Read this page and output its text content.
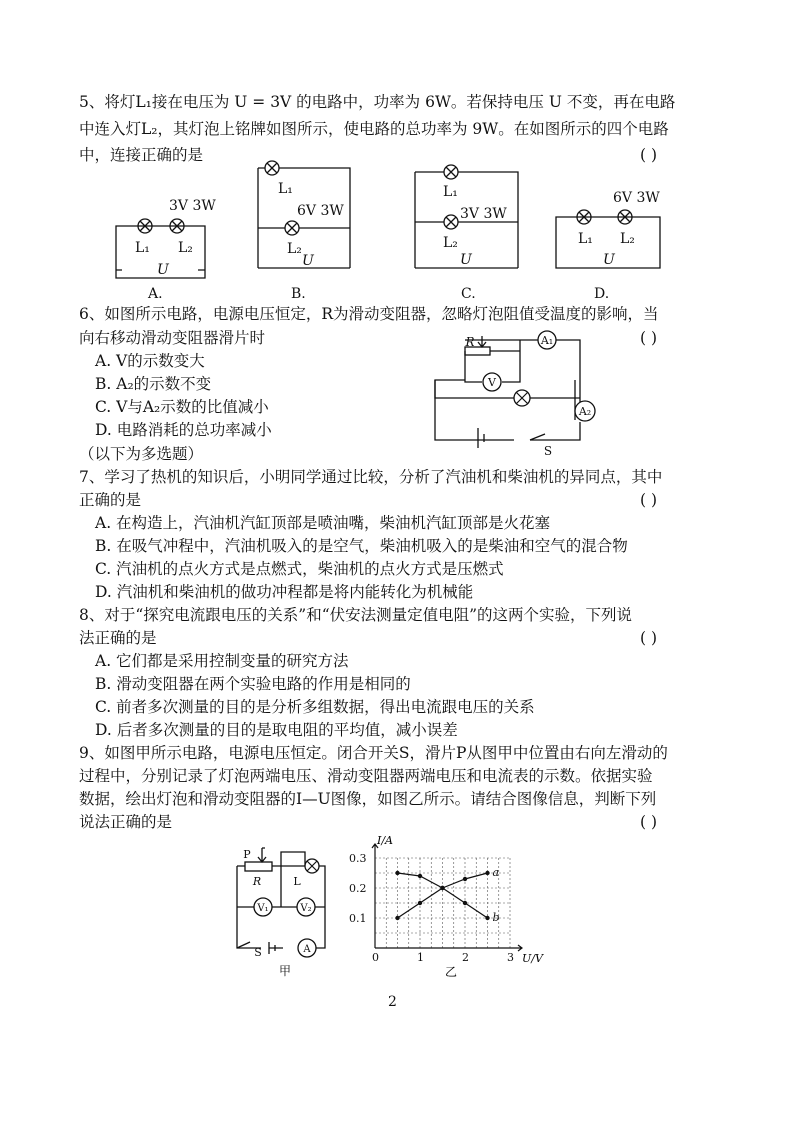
5、将灯L₁接在电压为 U = 3V 的电路中，功率为 6W。若保持电压 U 不变，再在电路
中连入灯L₂，其灯泡上铭牌如图所示，使电路的总功率为 9W。在如图所示的四个电路
中，连接正确的是	( )
3V 3W
L₁ L₂
U
A.
6V 3W
L₁
L₂
U
B.
3V 3W
L₁
L₂
U
C.
6V 3W
L₁ L₂
U
D.
6、如图所示电路，电源电压恒定，R为滑动变阻器，忽略灯泡阻值受温度的影响，当
向右移动滑动变阻器滑片时	( )
A. V的示数变大
B. A₂的示数不变
C. V与A₂示数的比值减小
D. 电路消耗的总功率减小
A₁
V
A₂
R
S
（以下为多选题）
7、学习了热机的知识后，小明同学通过比较，分析了汽油机和柴油机的异同点，其中
正确的是	( )
A. 在构造上，汽油机汽缸顶部是喷油嘴，柴油机汽缸顶部是火花塞
B. 在吸气冲程中，汽油机吸入的是空气，柴油机吸入的是柴油和空气的混合物
C. 汽油机的点火方式是点燃式，柴油机的点火方式是压燃式
D. 汽油机和柴油机的做功冲程都是将内能转化为机械能
8、对于“探究电流跟电压的关系”和“伏安法测量定值电阻”的这两个实验，下列说
法正确的是	( )
A. 它们都是采用控制变量的研究方法
B. 滑动变阻器在两个实验电路的作用是相同的
C. 前者多次测量的目的是分析多组数据，得出电流跟电压的关系
D. 后者多次测量的目的是取电阻的平均值，减小误差
9、如图甲所示电路，电源电压恒定。闭合开关S，滑片P从图甲中位置由右向左滑动的
过程中，分别记录了灯泡两端电压、滑动变阻器两端电压和电流表的示数。依据实验
数据，绘出灯泡和滑动变阻器的I—U图像，如图乙所示。请结合图像信息，判断下列
说法正确的是	( )
P
R	L
V₁	V₂
A
S
甲
0	1	2	3
0.1
0.2
0.3
a
b
I/A
U/V
乙
2
